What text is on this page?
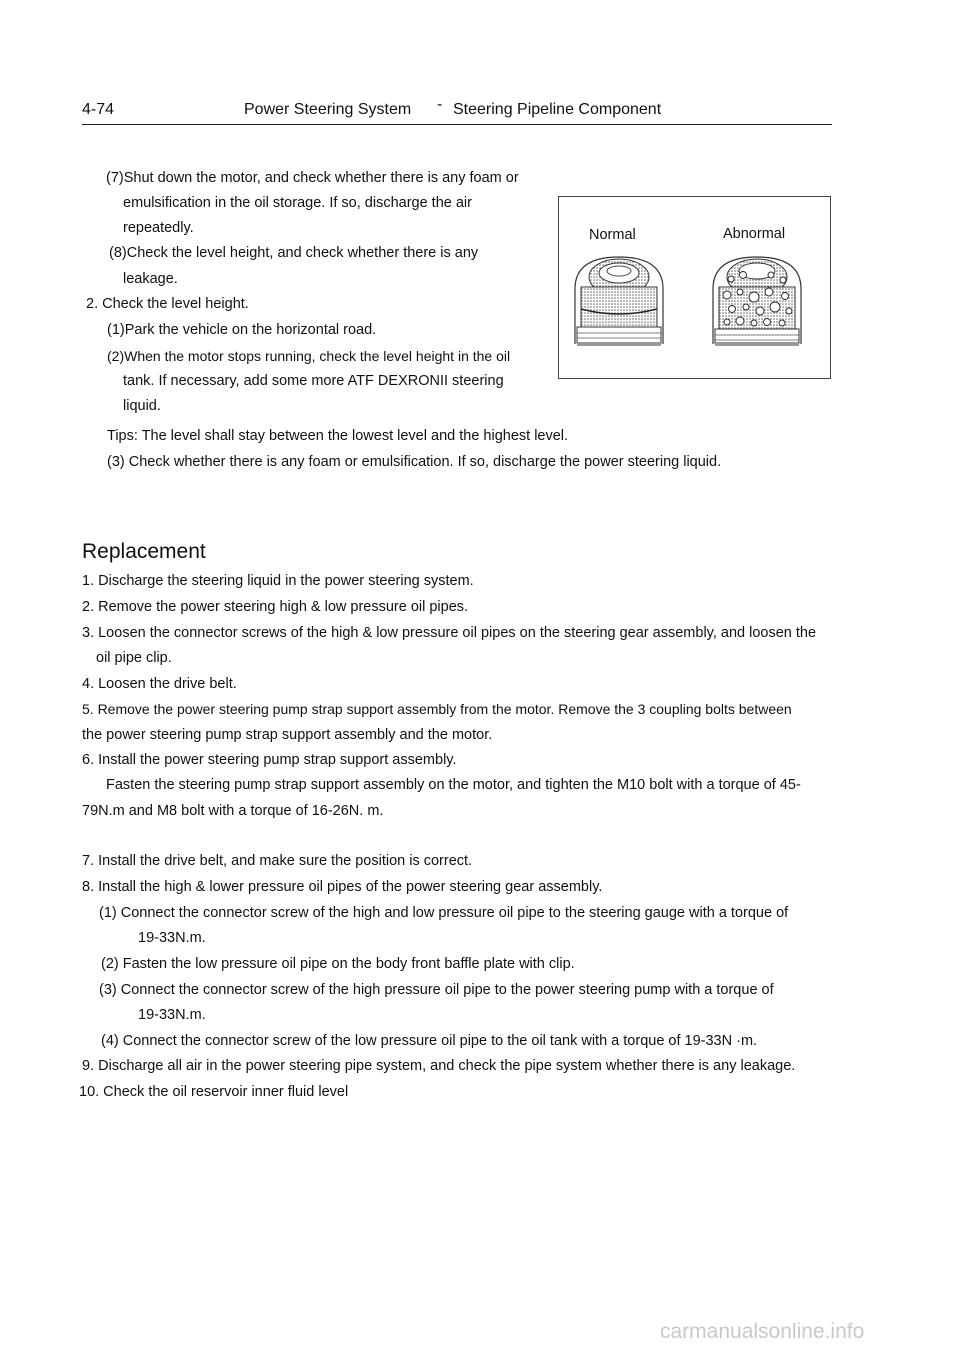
4-74	Power Steering System - Steering Pipeline Component
(7)Shut down the motor, and check whether there is any foam or
emulsification in the oil storage. If so, discharge the air
repeatedly.
(8)Check the level height, and check whether there is any
leakage.
2. Check the level height.
(1)Park the vehicle on the horizontal road.
(2)When the motor stops running, check the level height in the oil
tank. If necessary, add some more ATF DEXRONII steering
liquid.
Normal	Abnormal
Tips: The level shall stay between the lowest level and the highest level.
(3) Check whether there is any foam or emulsification. If so, discharge the power steering liquid.
Replacement
1. Discharge the steering liquid in the power steering system.
2. Remove the power steering high & low pressure oil pipes.
3. Loosen the connector screws of the high & low pressure oil pipes on the steering gear assembly, and loosen the
oil pipe clip.
4. Loosen the drive belt.
5. Remove the power steering pump strap support assembly from the motor. Remove the 3 coupling bolts between
the power steering pump strap support assembly and the motor.
6. Install the power steering pump strap support assembly.
Fasten the steering pump strap support assembly on the motor, and tighten the M10 bolt with a torque of 45-
79N.m and M8 bolt with a torque of 16-26N. m.
7. Install the drive belt, and make sure the position is correct.
8. Install the high & lower pressure oil pipes of the power steering gear assembly.
(1) Connect the connector screw of the high and low pressure oil pipe to the steering gauge with a torque of
19-33N.m.
(2) Fasten the low pressure oil pipe on the body front baffle plate with clip.
(3) Connect the connector screw of the high pressure oil pipe to the power steering pump with a torque of
19-33N.m.
(4) Connect the connector screw of the low pressure oil pipe to the oil tank with a torque of 19-33N ·m.
9. Discharge all air in the power steering pipe system, and check the pipe system whether there is any leakage.
10. Check the oil reservoir inner fluid level
carmanualsonline.info
